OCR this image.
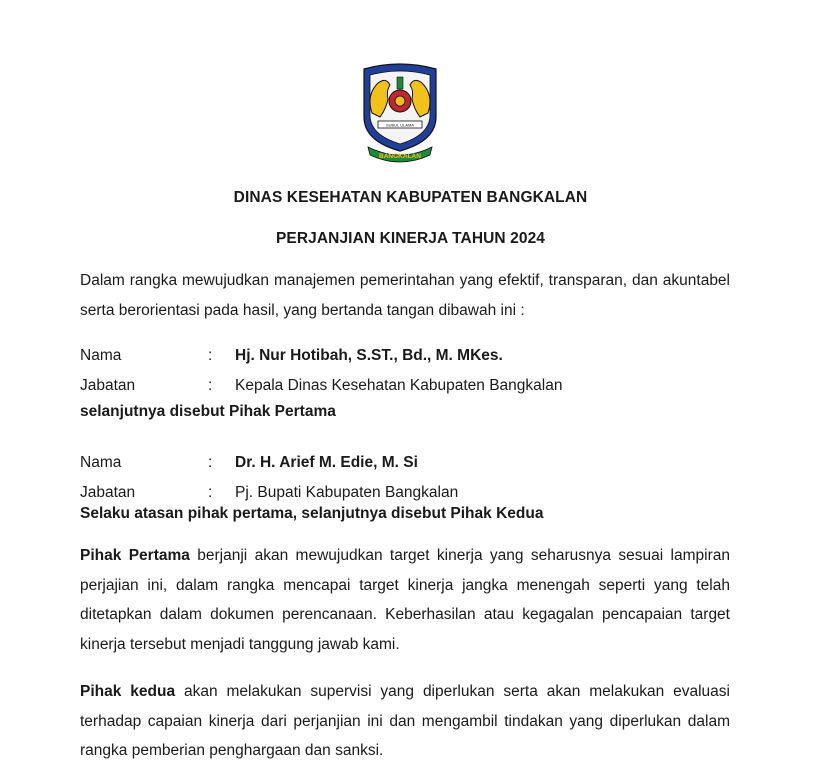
SUBUL ULAMA
BANGKALAN
DINAS KESEHATAN KABUPATEN BANGKALAN
PERJANJIAN KINERJA TAHUN 2024
Dalam rangka mewujudkan manajemen pemerintahan yang efektif, transparan, dan akuntabel serta berorientasi pada hasil, yang bertanda tangan dibawah ini :
Nama	: Hj. Nur Hotibah, S.ST., Bd., M. MKes.
Jabatan	: Kepala Dinas Kesehatan Kabupaten Bangkalan
selanjutnya disebut Pihak Pertama
Nama	: Dr. H. Arief M. Edie, M. Si
Jabatan	: Pj. Bupati Kabupaten Bangkalan
Selaku atasan pihak pertama, selanjutnya disebut Pihak Kedua
Pihak Pertama berjanji akan mewujudkan target kinerja yang seharusnya sesuai lampiran perjajian ini, dalam rangka mencapai target kinerja jangka menengah seperti yang telah ditetapkan dalam dokumen perencanaan. Keberhasilan atau kegagalan pencapaian target kinerja tersebut menjadi tanggung jawab kami.
Pihak kedua akan melakukan supervisi yang diperlukan serta akan melakukan evaluasi terhadap capaian kinerja dari perjanjian ini dan mengambil tindakan yang diperlukan dalam rangka pemberian penghargaan dan sanksi.
